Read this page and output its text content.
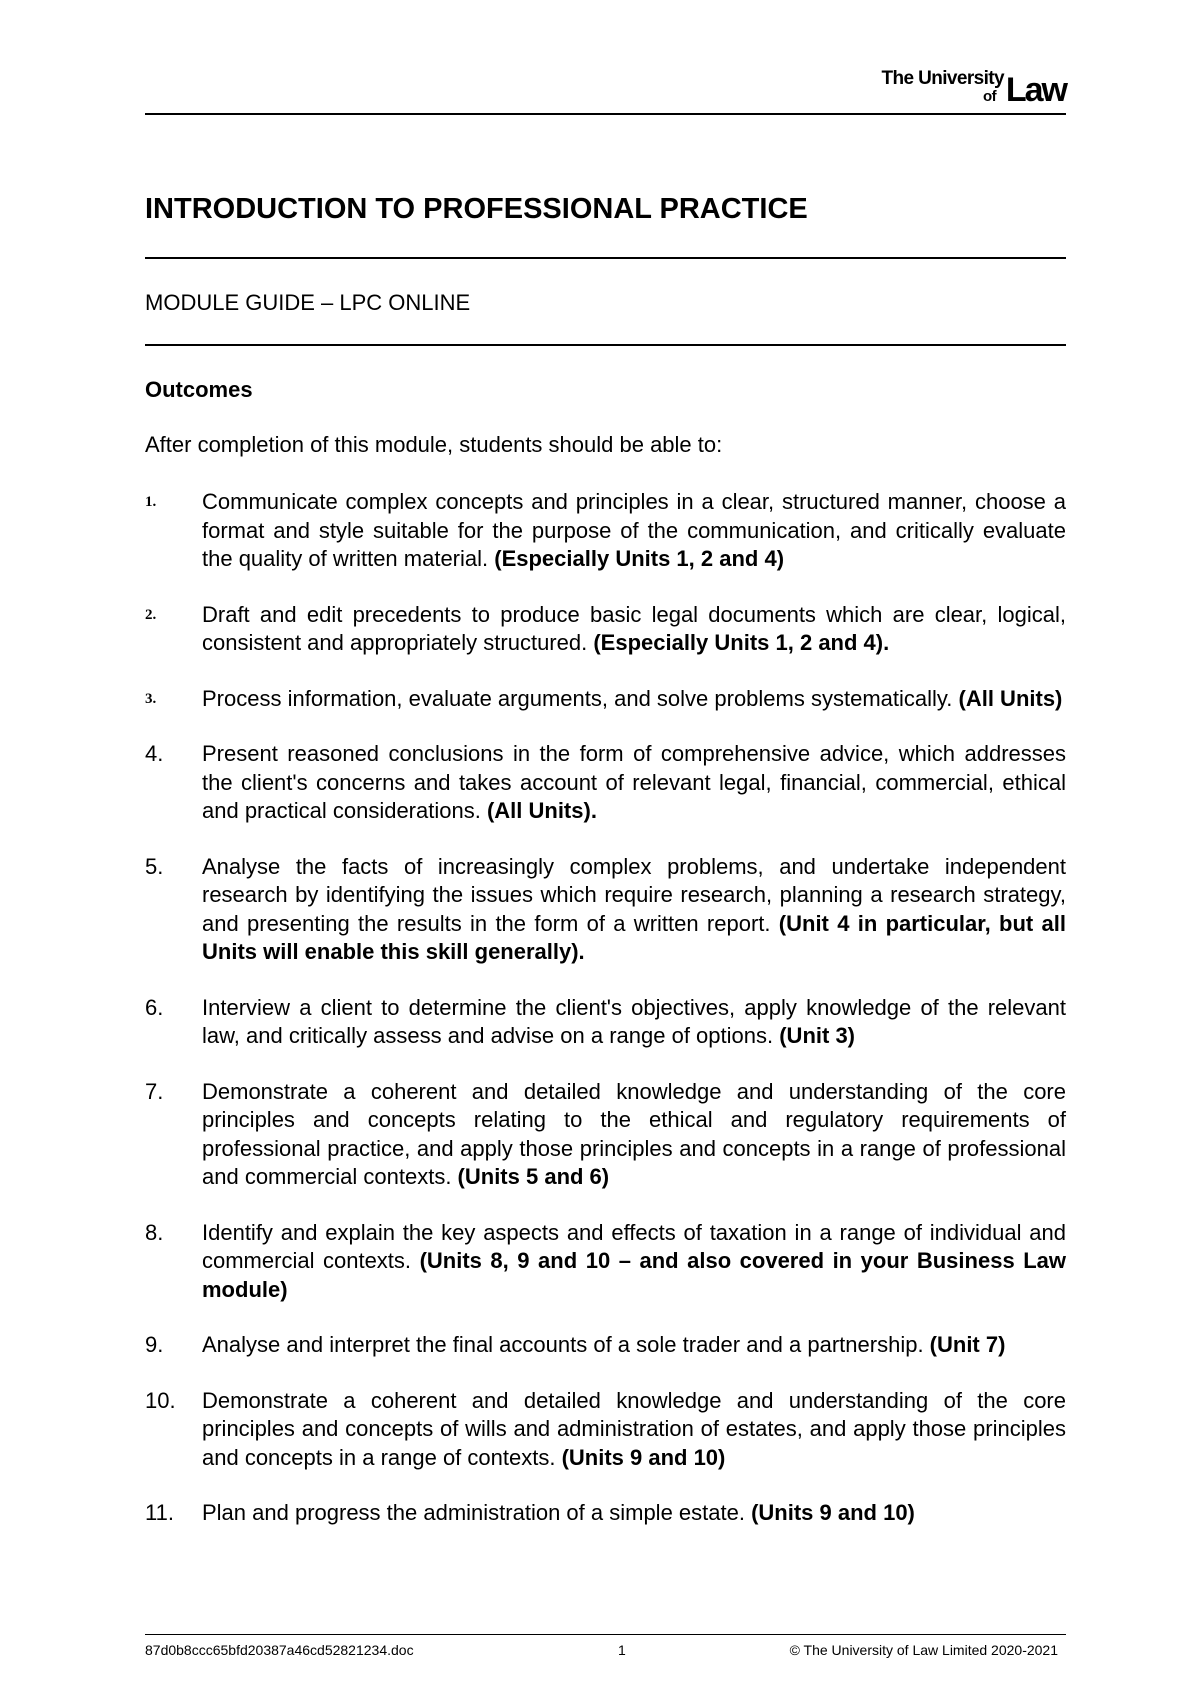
The University
of Law
INTRODUCTION TO PROFESSIONAL PRACTICE
MODULE GUIDE – LPC ONLINE
Outcomes
After completion of this module, students should be able to:
1. Communicate complex concepts and principles in a clear, structured manner, choose a format and style suitable for the purpose of the communication, and critically evaluate the quality of written material. (Especially Units 1, 2 and 4)
2. Draft and edit precedents to produce basic legal documents which are clear, logical, consistent and appropriately structured. (Especially Units 1, 2 and 4).
3. Process information, evaluate arguments, and solve problems systematically. (All Units)
4. Present reasoned conclusions in the form of comprehensive advice, which addresses the client's concerns and takes account of relevant legal, financial, commercial, ethical and practical considerations. (All Units).
5. Analyse the facts of increasingly complex problems, and undertake independent research by identifying the issues which require research, planning a research strategy, and presenting the results in the form of a written report. (Unit 4 in particular, but all Units will enable this skill generally).
6. Interview a client to determine the client's objectives, apply knowledge of the relevant law, and critically assess and advise on a range of options. (Unit 3)
7. Demonstrate a coherent and detailed knowledge and understanding of the core principles and concepts relating to the ethical and regulatory requirements of professional practice, and apply those principles and concepts in a range of professional and commercial contexts. (Units 5 and 6)
8. Identify and explain the key aspects and effects of taxation in a range of individual and commercial contexts. (Units 8, 9 and 10 – and also covered in your Business Law module)
9. Analyse and interpret the final accounts of a sole trader and a partnership. (Unit 7)
10. Demonstrate a coherent and detailed knowledge and understanding of the core principles and concepts of wills and administration of estates, and apply those principles and concepts in a range of contexts. (Units 9 and 10)
11. Plan and progress the administration of a simple estate. (Units 9 and 10)
87d0b8ccc65bfd20387a46cd52821234.doc	1	© The University of Law Limited 2020-2021
